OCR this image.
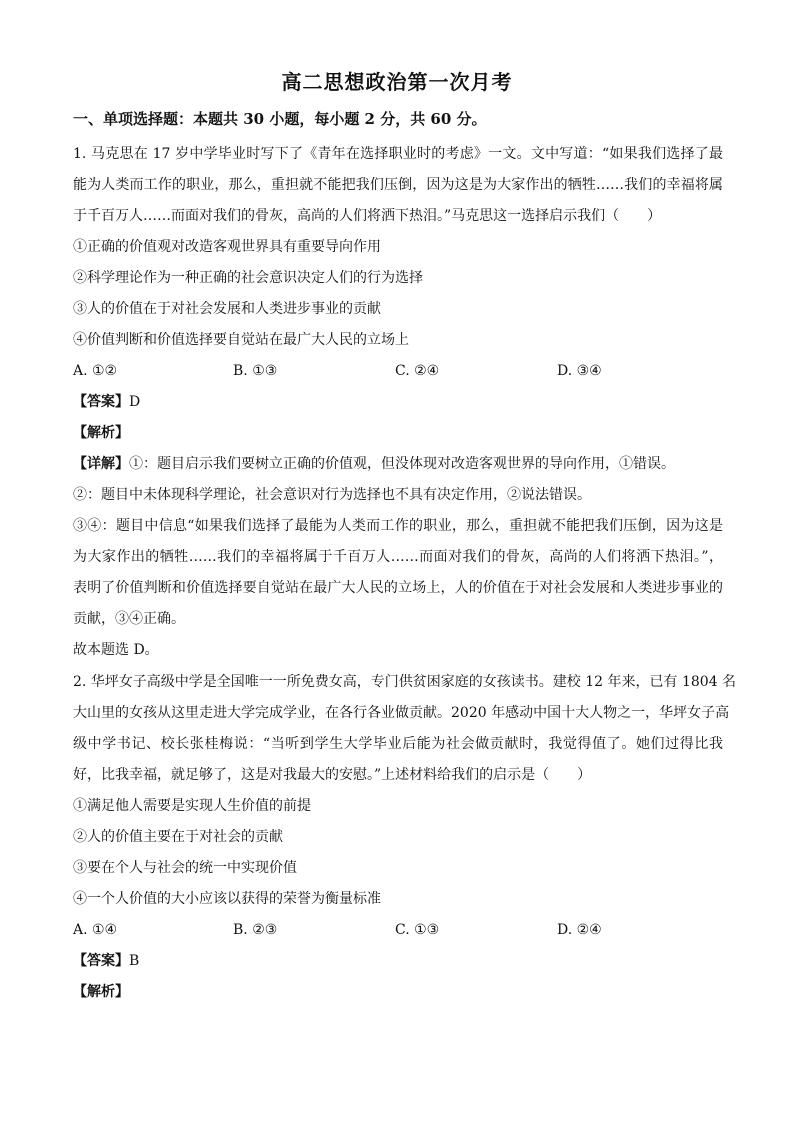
高二思想政治第一次月考
一、单项选择题：本题共 30 小题，每小题 2 分，共 60 分。
1. 马克思在 17 岁中学毕业时写下了《青年在选择职业时的考虑》一文。文中写道：“如果我们选择了最
能为人类而工作的职业，那么，重担就不能把我们压倒，因为这是为大家作出的牺牲……我们的幸福将属
于千百万人……而面对我们的骨灰，高尚的人们将洒下热泪。”马克思这一选择启示我们（　　）
①正确的价值观对改造客观世界具有重要导向作用
②科学理论作为一种正确的社会意识决定人们的行为选择
③人的价值在于对社会发展和人类进步事业的贡献
④价值判断和价值选择要自觉站在最广大人民的立场上
A. ①②	B. ①③	C. ②④	D. ③④
【答案】D
【解析】
【详解】①：题目启示我们要树立正确的价值观，但没体现对改造客观世界的导向作用，①错误。
②：题目中未体现科学理论，社会意识对行为选择也不具有决定作用，②说法错误。
③④：题目中信息“如果我们选择了最能为人类而工作的职业，那么，重担就不能把我们压倒，因为这是
为大家作出的牺牲……我们的幸福将属于千百万人……而面对我们的骨灰，高尚的人们将洒下热泪。”，
表明了价值判断和价值选择要自觉站在最广大人民的立场上，人的价值在于对社会发展和人类进步事业的
贡献，③④正确。
故本题选 D。
2. 华坪女子高级中学是全国唯一一所免费女高，专门供贫困家庭的女孩读书。建校 12 年来，已有 1804 名
大山里的女孩从这里走进大学完成学业，在各行各业做贡献。2020 年感动中国十大人物之一，华坪女子高
级中学书记、校长张桂梅说：“当听到学生大学毕业后能为社会做贡献时，我觉得值了。她们过得比我
好，比我幸福，就足够了，这是对我最大的安慰。”上述材料给我们的启示是（　　）
①满足他人需要是实现人生价值的前提
②人的价值主要在于对社会的贡献
③要在个人与社会的统一中实现价值
④一个人价值的大小应该以获得的荣誉为衡量标准
A. ①④	B. ②③	C. ①③	D. ②④
【答案】B
【解析】
